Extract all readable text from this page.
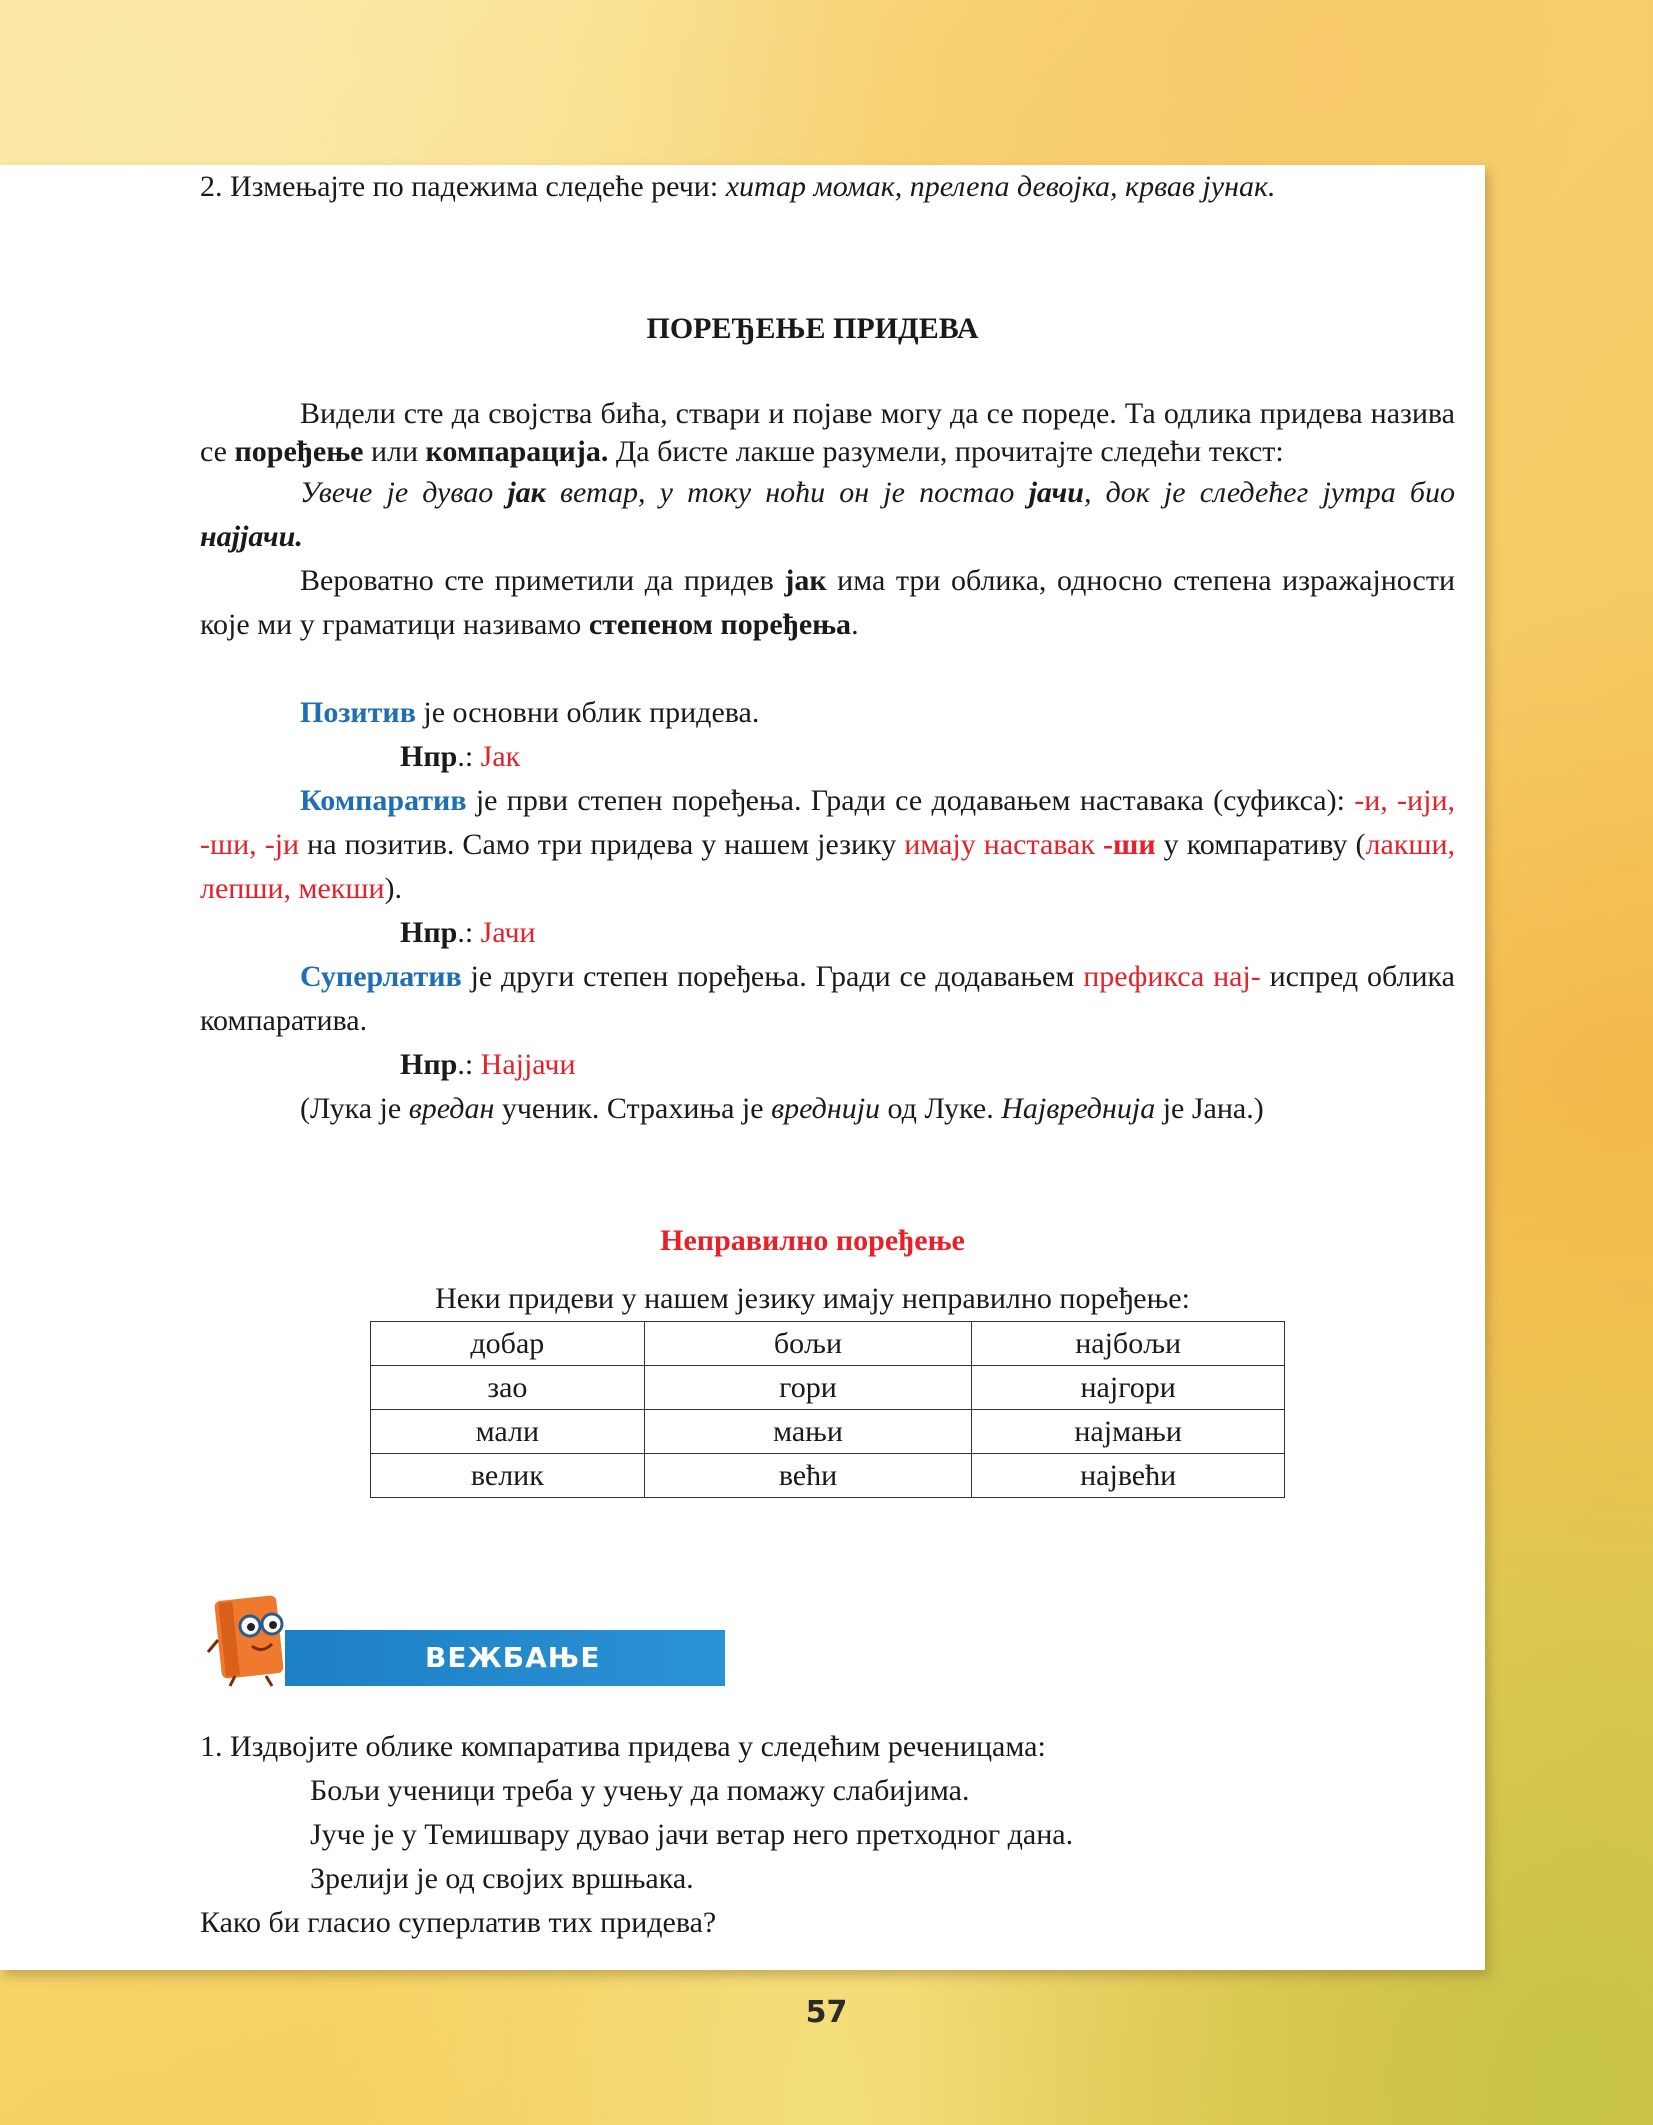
2. Измењајте по падежима следеће речи: хитар момак, прелепа девојка, крвав јунак.

ПОРЕЂЕЊЕ ПРИДЕВА

Видели сте да својства бића, ствари и појаве могу да се пореде. Та одлика придева назива се поређење или компарација. Да бисте лакше разумели, прочитајте следећи текст:

Увече је дувао јак ветар, у току ноћи он је постао јачи, док је следећег јутра био најјачи.

Вероватно сте приметили да придев јак има три облика, односно степена изражајности које ми у граматици називамо степеном поређења.

Позитив је основни облик придева.

Нпр.: Јак

Компаратив је први степен поређења. Гради се додавањем наставака (суфикса): -и, -иjи, -ши, -ји на позитив. Само три придева у нашем језику имају наставак -ши у компаративу (лакши, лепши, мекши).

Нпр.: Јачи

Суперлатив је други степен поређења. Гради се додавањем префикса нај- испред облика компаратива.

Нпр.: Најјачи

(Лука је вредан ученик. Страхиња је вреднији од Луке. Највреднија је Јана.)

Неправилно поређење

Неки придеви у нашем језику имају неправилно поређење:

добар	бољи	најбољи
зао	гори	најгори
мали	мањи	најмањи
велик	већи	највећи
ВЕЖБАЊЕ

1. Издвојите облике компаратива придева у следећим реченицама:

Бољи ученици треба у учењу да помажу слабијима.

Јуче је у Темишвару дувао јачи ветар него претходног дана.

Зрелији је од својих вршњака.

Како би гласио суперлатив тих придева?

57
